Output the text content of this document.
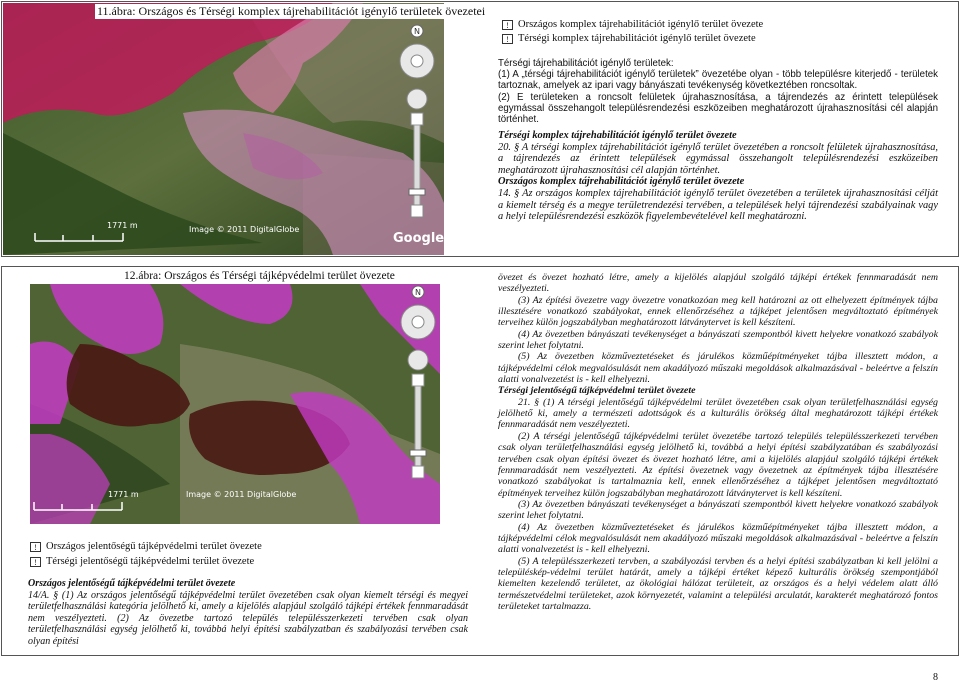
N
1771 m	Image © 2011 DigitalGlobe
Google
11.ábra: Országos és Térségi komplex tájrehabilitációt igénylő területek övezetei
! Országos komplex tájrehabilitációt igénylő terület övezete
! Térségi komplex tájrehabilitációt igénylő terület övezete

Térségi tájrehabilitációt igénylő területek:

(1) A „térségi tájrehabilitációt igénylő területek” övezetébe olyan - több településre kiterjedő - területek tartoznak, amelyek az ipari vagy bányászati tevékenység következtében roncsoltak.

(2) E területeken a roncsolt felületek újrahasznosítása, a tájrendezés az érintett települések egymással összehangolt településrendezési eszközeiben meghatározott újrahasznosítási cél alapján történhet.

Térségi komplex tájrehabilitációt igénylő terület övezete

20. § A térségi komplex tájrehabilitációt igénylő terület övezetében a roncsolt felületek újrahasznosítása, a tájrendezés az érintett települések egymással összehangolt településrendezési eszközeiben meghatározott újrahasznosítási cél alapján történhet.

Országos komplex tájrehabilitációt igénylő terület övezete

14. § Az országos komplex tájrehabilitációt igénylő terület övezetében a területek újrahasznosítási célját a kiemelt térség és a megye területrendezési tervében, a települések helyi tájrendezési szabályainak vagy a helyi településrendezési eszközök figyelembevételével kell meghatározni.

N
1771 m	Image © 2011 DigitalGlobe
12.ábra: Országos és Térségi tájképvédelmi terület övezete
! Országos jelentőségű tájképvédelmi terület övezete
! Térségi jelentőségű tájképvédelmi terület övezete

Országos jelentőségű tájképvédelmi terület övezete

14/A. § (1) Az országos jelentőségű tájképvédelmi terület övezetében csak olyan kiemelt térségi és megyei területfelhasználási kategória jelölhető ki, amely a kijelölés alapjául szolgáló tájképi értékek fennmaradását nem veszélyezteti. (2) Az övezetbe tartozó település településszerkezeti tervében csak olyan területfelhasználási egység jelölhető ki, továbbá helyi építési szabályzatban és szabályozási tervében csak olyan építési

övezet és övezet hozható létre, amely a kijelölés alapjául szolgáló tájképi értékek fennmaradását nem veszélyezteti.

(3) Az építési övezetre vagy övezetre vonatkozóan meg kell határozni az ott elhelyezett építmények tájba illesztésére vonatkozó szabályokat, ennek ellenőrzéséhez a tájképet jelentősen megváltoztató építmények terveihez külön jogszabályban meghatározott látványtervet is kell készíteni.

(4) Az övezetben bányászati tevékenységet a bányászati szempontból kivett helyekre vonatkozó szabályok szerint lehet folytatni.

(5) Az övezetben közműveztetéseket és járulékos közműépítményeket tájba illesztett módon, a tájképvédelmi célok megvalósulását nem akadályozó műszaki megoldások alkalmazásával - beleértve a felszín alatti vonalvezetést is - kell elhelyezni.

Térségi jelentőségű tájképvédelmi terület övezete

21. § (1) A térségi jelentőségű tájképvédelmi terület övezetében csak olyan területfelhasználási egység jelölhető ki, amely a természeti adottságok és a kulturális örökség által meghatározott tájképi értékek fennmaradását nem veszélyezteti.

(2) A térségi jelentőségű tájképvédelmi terület övezetébe tartozó település településszerkezeti tervében csak olyan területfelhasználási egység jelölhető ki, továbbá a helyi építési szabályzatában és szabályozási tervében csak olyan építési övezet és övezet hozható létre, ami a kijelölés alapjául szolgáló tájképi értékek fennmaradását nem veszélyezteti. Az építési övezetnek vagy övezetnek az építmények tájba illesztésére vonatkozó szabályokat is tartalmaznia kell, ennek ellenőrzéséhez a tájképet jelentősen megváltoztató építmények terveihez külön jogszabályban meghatározott látványtervet is kell készíteni.

(3) Az övezetben bányászati tevékenységet a bányászati szempontból kivett helyekre vonatkozó szabályok szerint lehet folytatni.

(4) Az övezetben közműveztetéseket és járulékos közműépítményeket tájba illesztett módon, a tájképvédelmi célok megvalósulását nem akadályozó műszaki megoldások alkalmazásával - beleértve a felszín alatti vonalvezetést is - kell elhelyezni.

(5) A településszerkezeti tervben, a szabályozási tervben és a helyi építési szabályzatban ki kell jelölni a településkép-védelmi terület határát, amely a tájképi értéket képező kulturális örökség szempontjából kiemelten kezelendő területet, az ökológiai hálózat területeit, az országos és a helyi védelem alatt álló természetvédelmi területeket, azok környezetét, valamint a települési arculatát, karakterét meghatározó fontos területeket tartalmazza.

8
